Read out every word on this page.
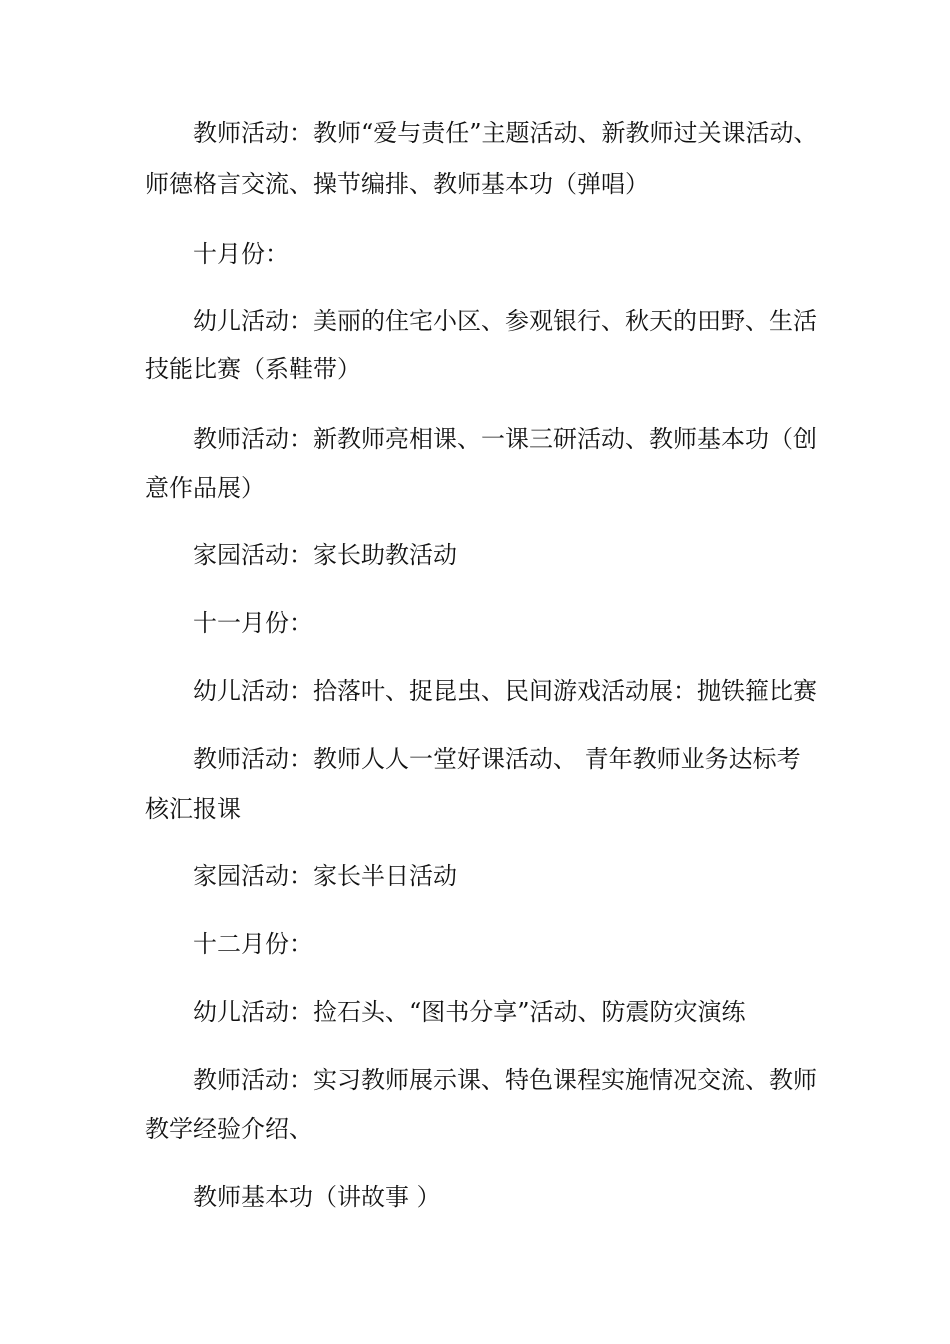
教师活动：教师“爱与责任”主题活动、新教师过关课活动、

师德格言交流、操节编排、教师基本功（弹唱）

十月份：

幼儿活动：美丽的住宅小区、参观银行、秋天的田野、生活

技能比赛（系鞋带）

教师活动：新教师亮相课、一课三研活动、教师基本功（创

意作品展）

家园活动：家长助教活动

十一月份：

幼儿活动：拾落叶、捉昆虫、民间游戏活动展：抛铁箍比赛

教师活动：教师人人一堂好课活动、 青年教师业务达标考

核汇报课

家园活动：家长半日活动

十二月份：

幼儿活动：捡石头、“图书分享”活动、防震防灾演练

教师活动：实习教师展示课、特色课程实施情况交流、教师

教学经验介绍、

教师基本功（讲故事 ）
